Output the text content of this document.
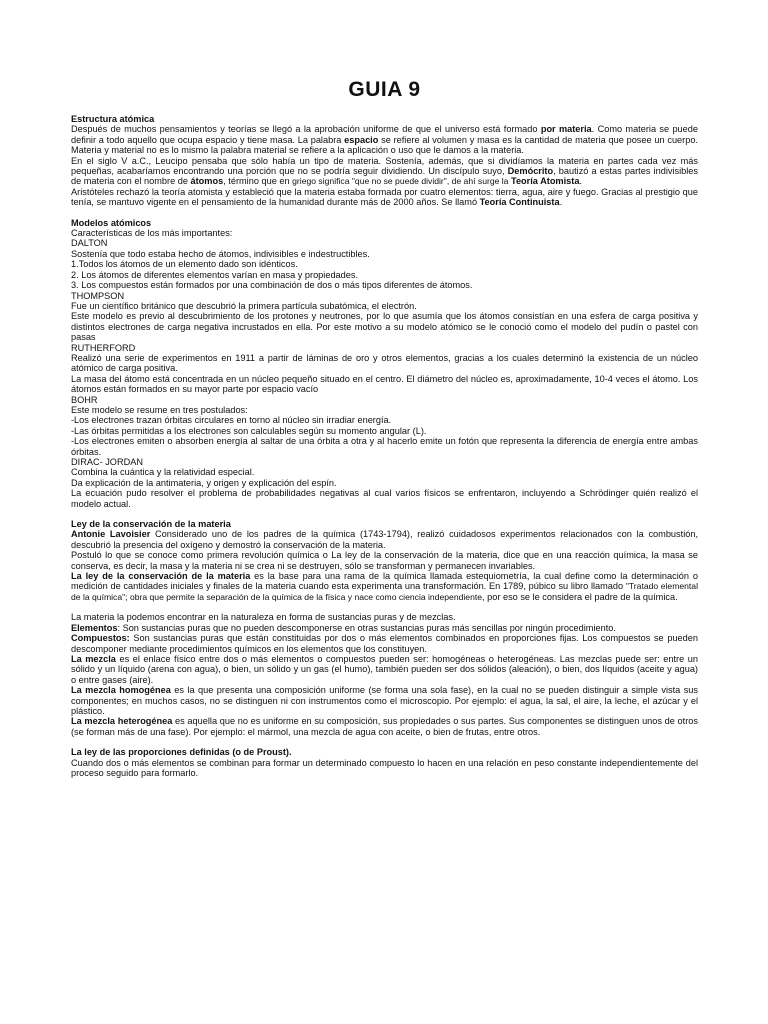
GUIA 9

Estructura atómica

Después de muchos pensamientos y teorías se llegó a la aprobación uniforme de que el universo está formado por materia. Como materia se puede definir a todo aquello que ocupa espacio y tiene masa. La palabra espacio se refiere al volumen y masa es la cantidad de materia que posee un cuerpo. Materia y material no es lo mismo la palabra material se refiere a la aplicación o uso que le damos a la materia.

En el siglo V a.C., Leucipo pensaba que sólo había un tipo de materia. Sostenía, además, que si dividíamos la materia en partes cada vez más pequeñas, acabaríamos encontrando una porción que no se podría seguir dividiendo. Un discípulo suyo, Demócrito, bautizó a estas partes indivisibles de materia con el nombre de átomos, término que en griego significa "que no se puede dividir", de ahí surge la Teoría Atomista.

Aristóteles rechazó la teoría atomista y estableció que la materia estaba formada por cuatro elementos: tierra, agua, aire y fuego. Gracias al prestigio que tenía, se mantuvo vigente en el pensamiento de la humanidad durante más de 2000 años. Se llamó Teoría Continuista.

Modelos atómicos

Características de los más importantes:

DALTON

Sostenía que todo estaba hecho de átomos, indivisibles e indestructibles.

1.Todos los átomos de un elemento dado son idénticos.

2. Los átomos de diferentes elementos varían en masa y propiedades.

3. Los compuestos están formados por una combinación de dos o más tipos diferentes de átomos.

THOMPSON

Fue un científico británico que descubrió la primera partícula subatómica, el electrón.

Este modelo es previo al descubrimiento de los protones y neutrones, por lo que asumía que los átomos consistían en una esfera de carga positiva y distintos electrones de carga negativa incrustados en ella. Por este motivo a su modelo atómico se le conoció como el modelo del pudín o pastel con pasas

RUTHERFORD

Realizó una serie de experimentos en 1911 a partir de láminas de oro y otros elementos, gracias a los cuales determinó la existencia de un núcleo atómico de carga positiva.

La masa del átomo está concentrada en un núcleo pequeño situado en el centro. El diámetro del núcleo es, aproximadamente, 10-4 veces el átomo. Los átomos están formados en su mayor parte por espacio vacío

BOHR

Este modelo se resume en tres postulados:

-Los electrones trazan órbitas circulares en torno al núcleo sin irradiar energía.

-Las órbitas permitidas a los electrones son calculables según su momento angular (L).

-Los electrones emiten o absorben energía al saltar de una órbita a otra y al hacerlo emite un fotón que representa la diferencia de energía entre ambas órbitas.

DIRAC- JORDAN

Combina la cuántica y la relatividad especial.

Da explicación de la antimateria, y origen y explicación del espín.

La ecuación pudo resolver el problema de probabilidades negativas al cual varios físicos se enfrentaron, incluyendo a Schrödinger quién realizó el modelo actual.

Ley de la conservación de la materia

Antonie Lavoisier Considerado uno de los padres de la química (1743-1794), realizó cuidadosos experimentos relacionados con la combustión, descubrió la presencia del oxígeno y demostró la conservación de la materia.

Postuló lo que se conoce como primera revolución química o La ley de la conservación de la materia, dice que en una reacción química, la masa se conserva, es decir, la masa y la materia ni se crea ni se destruyen, sólo se transforman y permanecen invariables.

La ley de la conservación de la materia es la base para una rama de la química llamada estequiometría, la cual define como la determinación o medición de cantidades iniciales y finales de la materia cuando esta experimenta una transformación. En 1789, púbico su libro llamado "Tratado elemental de la química"; obra que permite la separación de la química de la física y nace como ciencia independiente, por eso se le considera el padre de la química.

La materia la podemos encontrar en la naturaleza en forma de sustancias puras y de mezclas.

Elementos: Son sustancias puras que no pueden descomponerse en otras sustancias puras más sencillas por ningún procedimiento.

Compuestos: Son sustancias puras que están constituidas por dos o más elementos combinados en proporciones fijas. Los compuestos se pueden descomponer mediante procedimientos químicos en los elementos que los constituyen.

La mezcla es el enlace físico entre dos o más elementos o compuestos pueden ser: homogéneas o heterogéneas. Las mezclas puede ser: entre un sólido y un líquido (arena con agua), o bien, un sólido y un gas (el humo), también pueden ser dos sólidos (aleación), o bien, dos líquidos (aceite y agua) o entre gases (aire).

La mezcla homogénea es la que presenta una composición uniforme (se forma una sola fase), en la cual no se pueden distinguir a simple vista sus componentes; en muchos casos, no se distinguen ni con instrumentos como el microscopio. Por ejemplo: el agua, la sal, el aire, la leche, el azúcar y el plástico.

La mezcla heterogénea es aquella que no es uniforme en su composición, sus propiedades o sus partes. Sus componentes se distinguen unos de otros (se forman más de una fase). Por ejemplo: el mármol, una mezcla de agua con aceite, o bien de frutas, entre otros.

La ley de las proporciones definidas (o de Proust).

Cuando dos o más elementos se combinan para formar un determinado compuesto lo hacen en una relación en peso constante independientemente del proceso seguido para formarlo.
